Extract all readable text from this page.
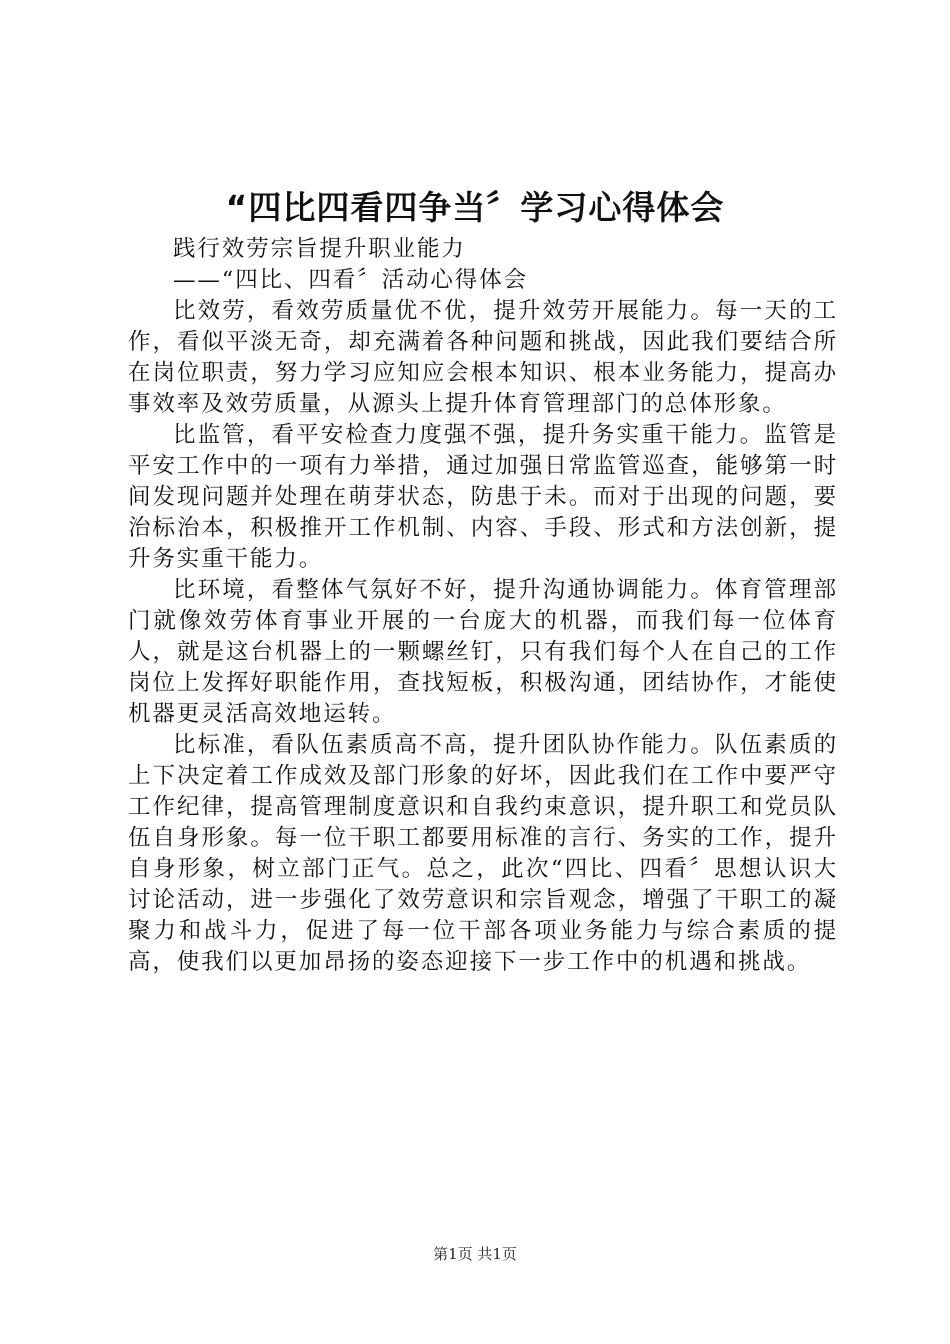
“四比四看四争当〞学习心得体会

践行效劳宗旨提升职业能力

——“四比、四看〞活动心得体会

比效劳，看效劳质量优不优，提升效劳开展能力。每一天的工作，看似平淡无奇，却充满着各种问题和挑战，因此我们要结合所在岗位职责，努力学习应知应会根本知识、根本业务能力，提高办事效率及效劳质量，从源头上提升体育管理部门的总体形象。

比监管，看平安检查力度强不强，提升务实重干能力。监管是平安工作中的一项有力举措，通过加强日常监管巡查，能够第一时间发现问题并处理在萌芽状态，防患于未。而对于出现的问题，要治标治本，积极推开工作机制、内容、手段、形式和方法创新，提升务实重干能力。

比环境，看整体气氛好不好，提升沟通协调能力。体育管理部门就像效劳体育事业开展的一台庞大的机器，而我们每一位体育人，就是这台机器上的一颗螺丝钉，只有我们每个人在自己的工作岗位上发挥好职能作用，查找短板，积极沟通，团结协作，才能使机器更灵活高效地运转。

比标准，看队伍素质高不高，提升团队协作能力。队伍素质的上下决定着工作成效及部门形象的好坏，因此我们在工作中要严守工作纪律，提高管理制度意识和自我约束意识，提升职工和党员队伍自身形象。每一位干职工都要用标准的言行、务实的工作，提升自身形象，树立部门正气。总之，此次“四比、四看〞思想认识大讨论活动，进一步强化了效劳意识和宗旨观念，增强了干职工的凝聚力和战斗力，促进了每一位干部各项业务能力与综合素质的提高，使我们以更加昂扬的姿态迎接下一步工作中的机遇和挑战。

第1页 共1页
